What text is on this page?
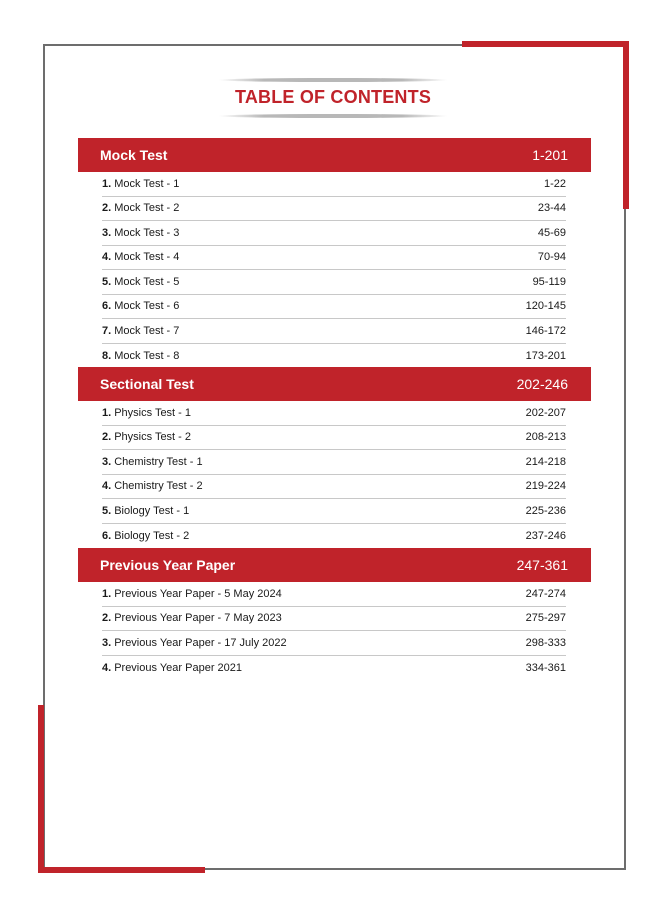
TABLE OF CONTENTS
Mock Test	1-201
1. Mock Test - 1	1-22
2. Mock Test - 2	23-44
3. Mock Test - 3	45-69
4. Mock Test - 4	70-94
5. Mock Test - 5	95-119
6. Mock Test - 6	120-145
7. Mock Test - 7	146-172
8. Mock Test - 8	173-201
Sectional Test	202-246
1. Physics Test - 1	202-207
2. Physics Test - 2	208-213
3. Chemistry Test - 1	214-218
4. Chemistry Test - 2	219-224
5. Biology Test - 1	225-236
6. Biology Test - 2	237-246
Previous Year Paper	247-361
1. Previous Year Paper - 5 May 2024	247-274
2. Previous Year Paper - 7 May 2023	275-297
3. Previous Year Paper - 17 July 2022	298-333
4. Previous Year Paper 2021	334-361
